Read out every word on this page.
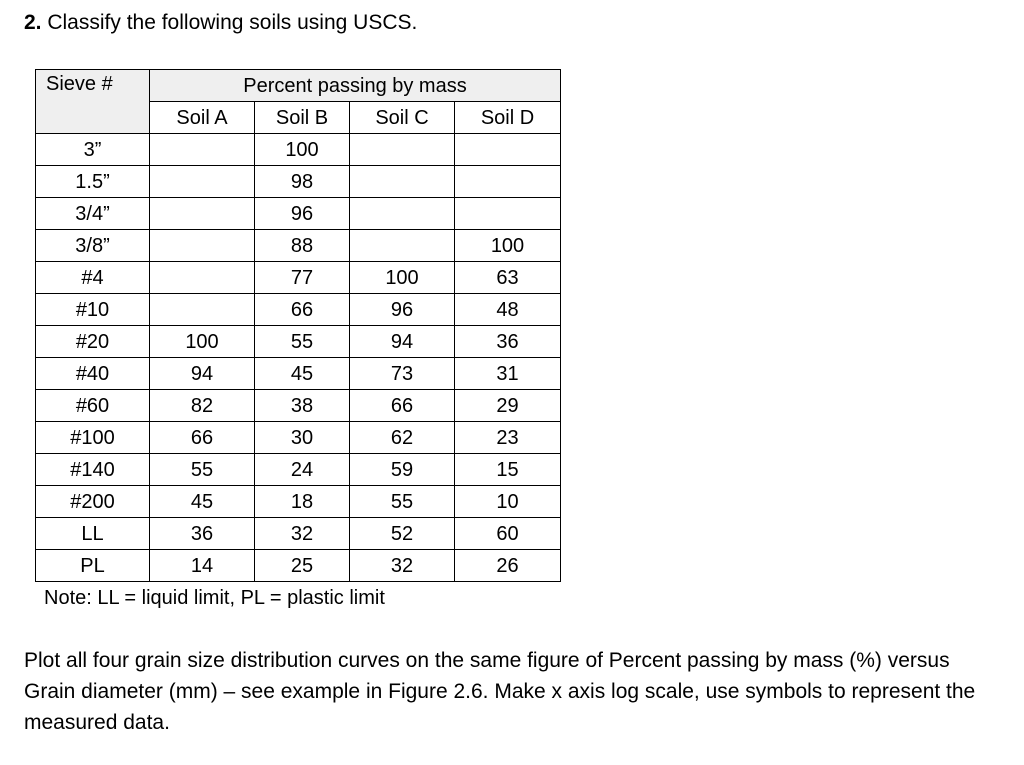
2. Classify the following soils using USCS.
Sieve #	Percent passing by mass			
	Soil A	Soil B	Soil C	Soil D
3”		100		
1.5”		98		
3/4”		96		
3/8”		88		100
#4		77	100	63
#10		66	96	48
#20	100	55	94	36
#40	94	45	73	31
#60	82	38	66	29
#100	66	30	62	23
#140	55	24	59	15
#200	45	18	55	10
LL	36	32	52	60
PL	14	25	32	26
Note: LL = liquid limit, PL = plastic limit
Plot all four grain size distribution curves on the same figure of Percent passing by mass (%) versus Grain diameter (mm) – see example in Figure 2.6. Make x axis log scale, use symbols to represent the measured data.
